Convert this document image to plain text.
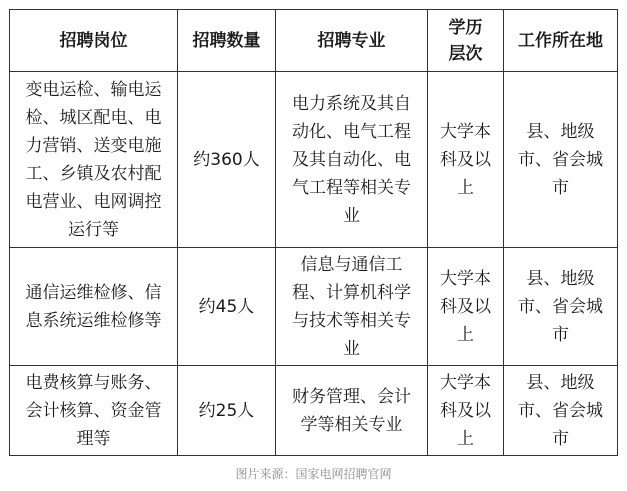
招聘岗位	招聘数量	招聘专业	学历层次	工作所在地
变电运检、输电运检、城区配电、电力营销、送变电施工、乡镇及农村配电营业、电网调控运行等	约360人	电力系统及其自动化、电气工程及其自动化、电气工程等相关专业	大学本科及以上	县、地级市、省会城市
通信运维检修、信息系统运维检修等	约45人	信息与通信工程、计算机科学与技术等相关专业	大学本科及以上	县、地级市、省会城市
电费核算与账务、会计核算、资金管理等	约25人	财务管理、会计学等相关专业	大学本科及以上	县、地级市、省会城市
图片来源：国家电网招聘官网
